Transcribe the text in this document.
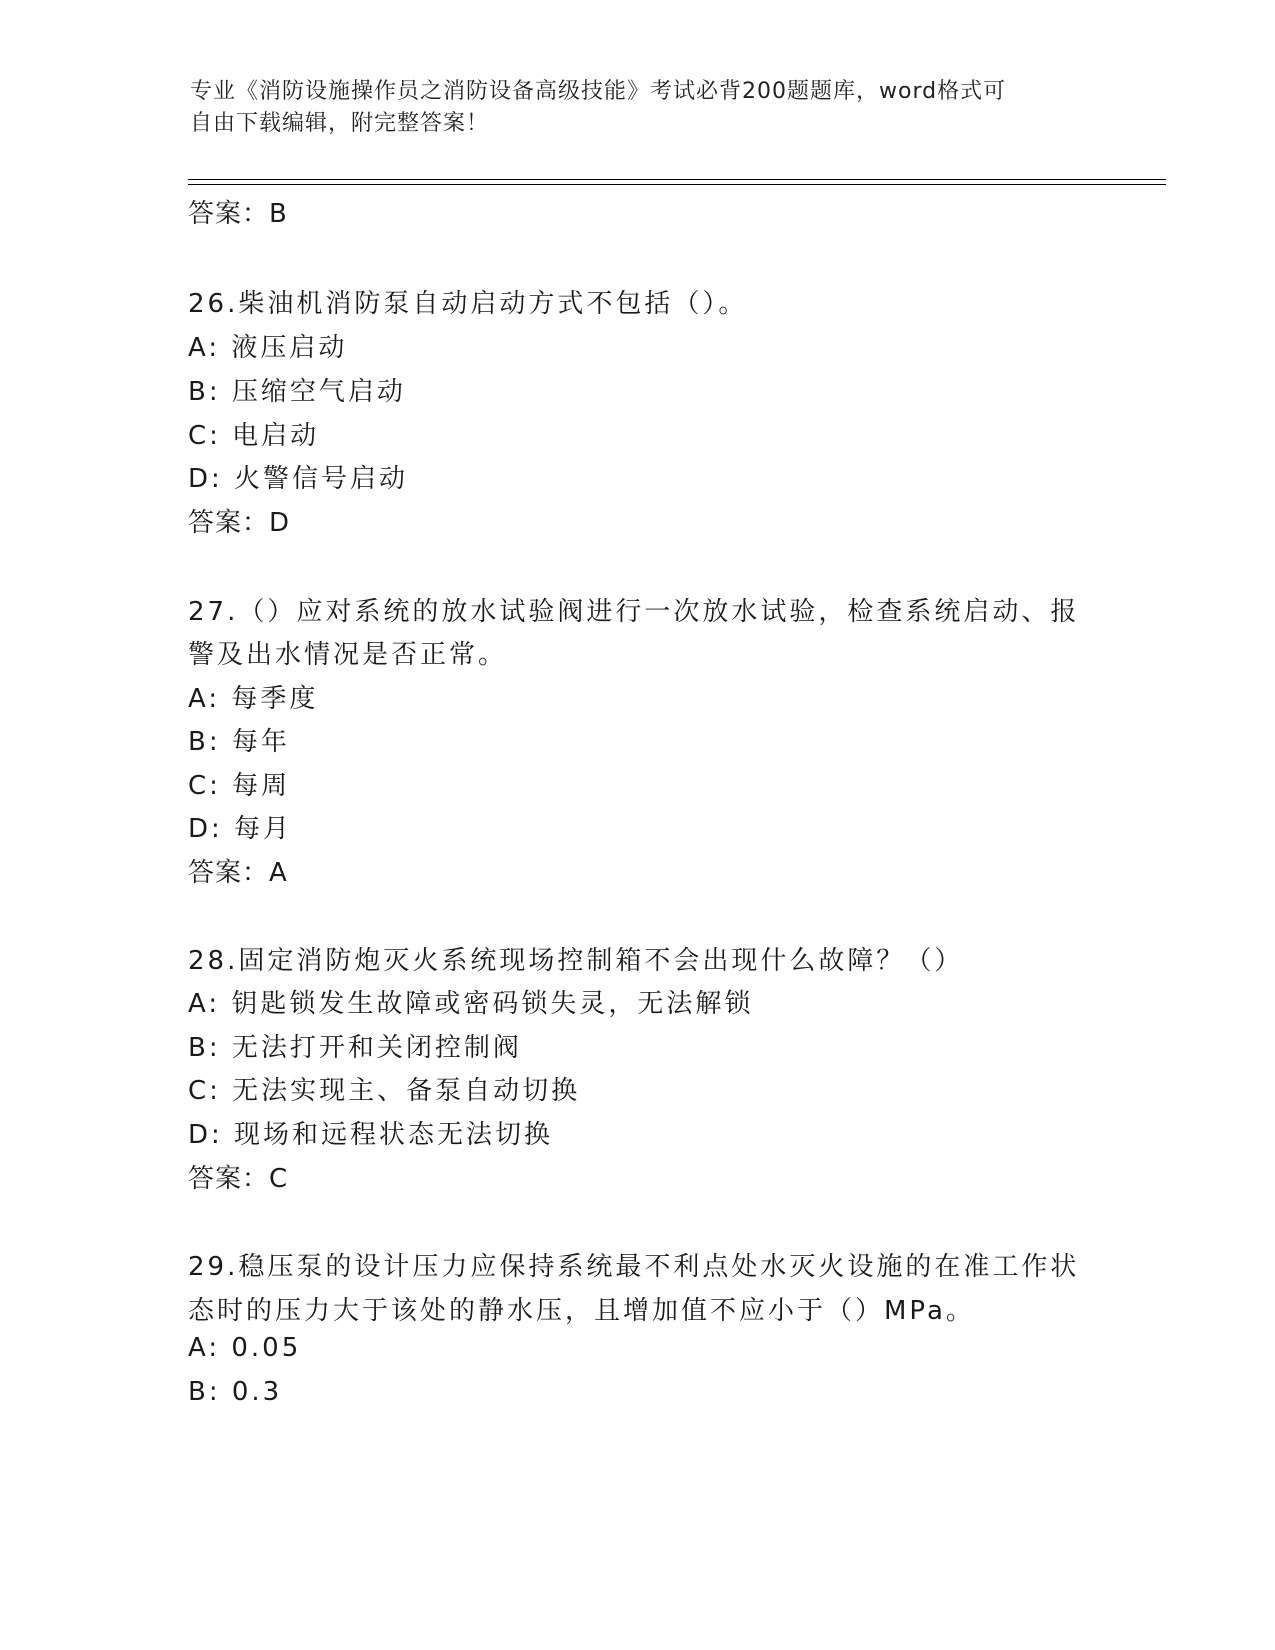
专业《消防设施操作员之消防设备高级技能》考试必背200题题库，word格式可
自由下载编辑，附完整答案！
答案：B
26.柴油机消防泵自动启动方式不包括（）。
A: 液压启动
B: 压缩空气启动
C: 电启动
D: 火警信号启动
答案：D
27.（）应对系统的放水试验阀进行一次放水试验，检查系统启动、报
警及出水情况是否正常。
A: 每季度
B: 每年
C: 每周
D: 每月
答案：A
28.固定消防炮灭火系统现场控制箱不会出现什么故障？（）
A: 钥匙锁发生故障或密码锁失灵，无法解锁
B: 无法打开和关闭控制阀
C: 无法实现主、备泵自动切换
D: 现场和远程状态无法切换
答案：C
29.稳压泵的设计压力应保持系统最不利点处水灭火设施的在准工作状
态时的压力大于该处的静水压，且增加值不应小于（）MPa。
A: 0.05
B: 0.3
